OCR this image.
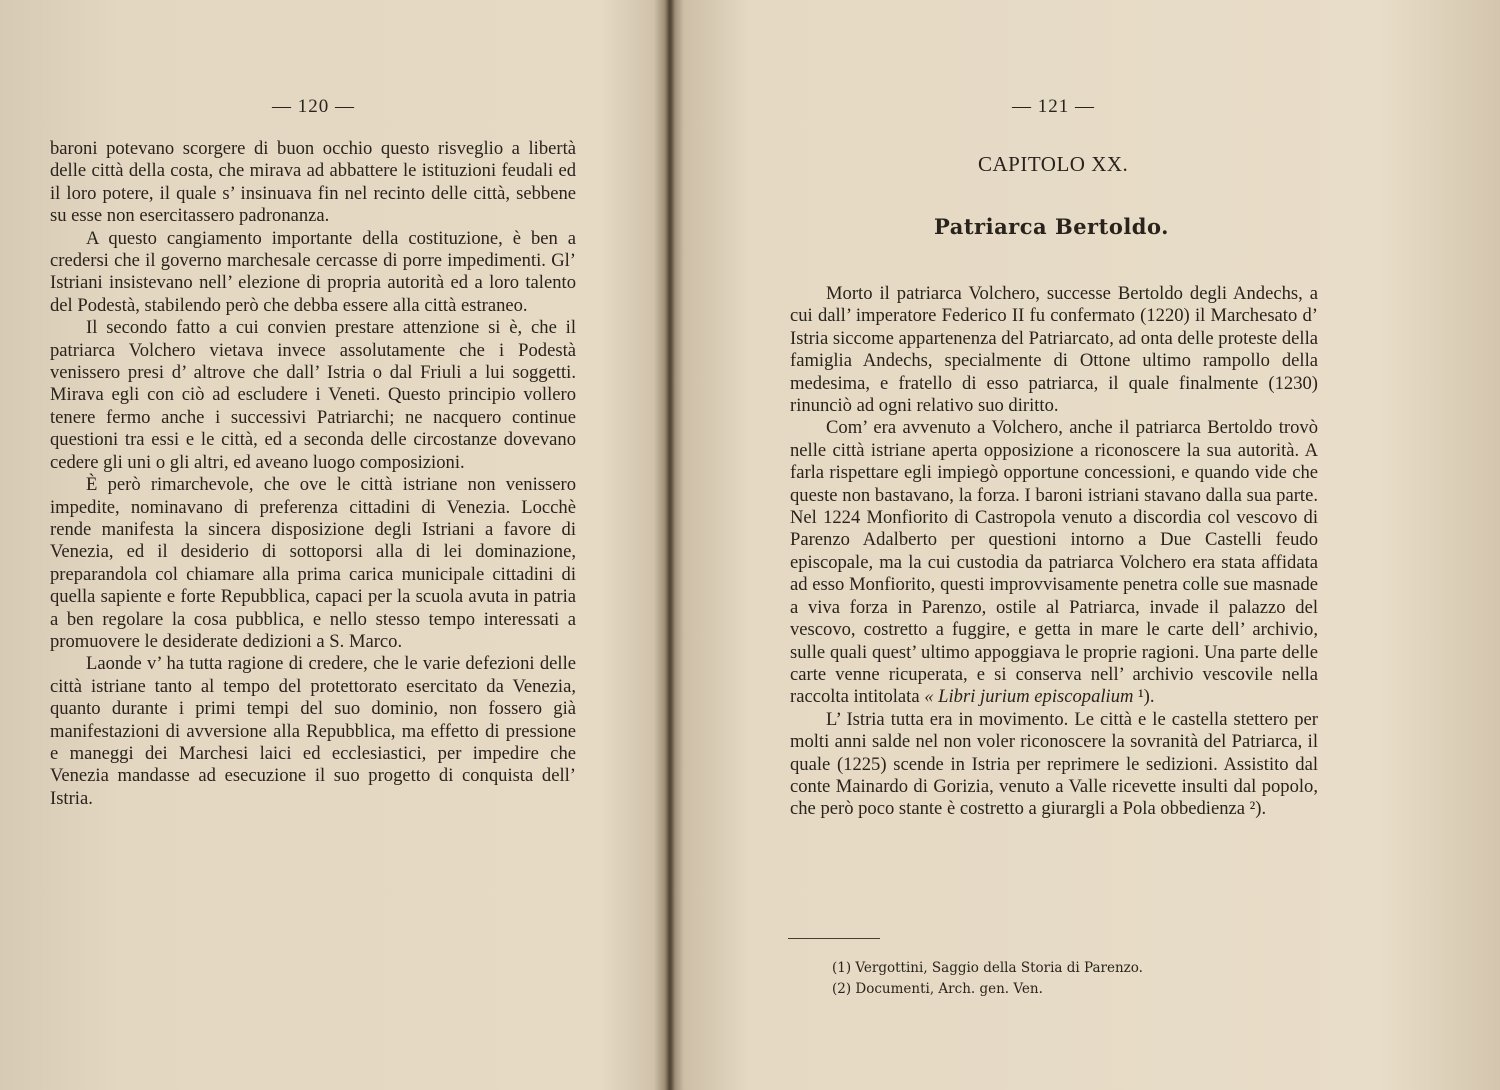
— 120 —

baroni potevano scorgere di buon occhio questo risveglio a libertà delle città della costa, che mirava ad abbattere le istituzioni feudali ed il loro potere, il quale s’ insinuava fin nel recinto delle città, sebbene su esse non esercitassero padronanza.

A questo cangiamento importante della costituzione, è ben a credersi che il governo marchesale cercasse di porre impedimenti. Gl’ Istriani insistevano nell’ elezione di propria autorità ed a loro talento del Podestà, stabilendo però che debba essere alla città estraneo.

Il secondo fatto a cui convien prestare attenzione si è, che il patriarca Volchero vietava invece assolutamente che i Podestà venissero presi d’ altrove che dall’ Istria o dal Friuli a lui soggetti. Mirava egli con ciò ad escludere i Veneti. Questo principio vollero tenere fermo anche i successivi Patriarchi; ne nacquero continue questioni tra essi e le città, ed a seconda delle circostanze dovevano cedere gli uni o gli altri, ed aveano luogo composizioni.

È però rimarchevole, che ove le città istriane non venissero impedite, nominavano di preferenza cittadini di Venezia. Locchè rende manifesta la sincera disposizione degli Istriani a favore di Venezia, ed il desiderio di sottoporsi alla di lei dominazione, preparandola col chiamare alla prima carica municipale cittadini di quella sapiente e forte Repubblica, capaci per la scuola avuta in patria a ben regolare la cosa pubblica, e nello stesso tempo interessati a promuovere le desiderate dedizioni a S. Marco.

Laonde v’ ha tutta ragione di credere, che le varie defezioni delle città istriane tanto al tempo del protettorato esercitato da Venezia, quanto durante i primi tempi del suo dominio, non fossero già manifestazioni di avversione alla Repubblica, ma effetto di pressione e maneggi dei Marchesi laici ed ecclesiastici, per impedire che Venezia mandasse ad esecuzione il suo progetto di conquista dell’ Istria.

— 121 —
CAPITOLO XX.
Patriarca Bertoldo.

Morto il patriarca Volchero, successe Bertoldo degli Andechs, a cui dall’ imperatore Federico II fu confermato (1220) il Marchesato d’ Istria siccome appartenenza del Patriarcato, ad onta delle proteste della famiglia Andechs, specialmente di Ottone ultimo rampollo della medesima, e fratello di esso patriarca, il quale finalmente (1230) rinunciò ad ogni relativo suo diritto.

Com’ era avvenuto a Volchero, anche il patriarca Bertoldo trovò nelle città istriane aperta opposizione a riconoscere la sua autorità. A farla rispettare egli impiegò opportune concessioni, e quando vide che queste non bastavano, la forza. I baroni istriani stavano dalla sua parte. Nel 1224 Monfiorito di Castropola venuto a discordia col vescovo di Parenzo Adalberto per questioni intorno a Due Castelli feudo episcopale, ma la cui custodia da patriarca Volchero era stata affidata ad esso Monfiorito, questi improvvisamente penetra colle sue masnade a viva forza in Parenzo, ostile al Patriarca, invade il palazzo del vescovo, costretto a fuggire, e getta in mare le carte dell’ archivio, sulle quali quest’ ultimo appoggiava le proprie ragioni. Una parte delle carte venne ricuperata, e si conserva nell’ archivio vescovile nella raccolta intitolata « Libri jurium episcopalium ¹).

L’ Istria tutta era in movimento. Le città e le castella stettero per molti anni salde nel non voler riconoscere la sovranità del Patriarca, il quale (1225) scende in Istria per reprimere le sedizioni. Assistito dal conte Mainardo di Gorizia, venuto a Valle ricevette insulti dal popolo, che però poco stante è costretto a giurargli a Pola obbedienza ²).

(1) Vergottini, Saggio della Storia di Parenzo.
(2) Documenti, Arch. gen. Ven.
